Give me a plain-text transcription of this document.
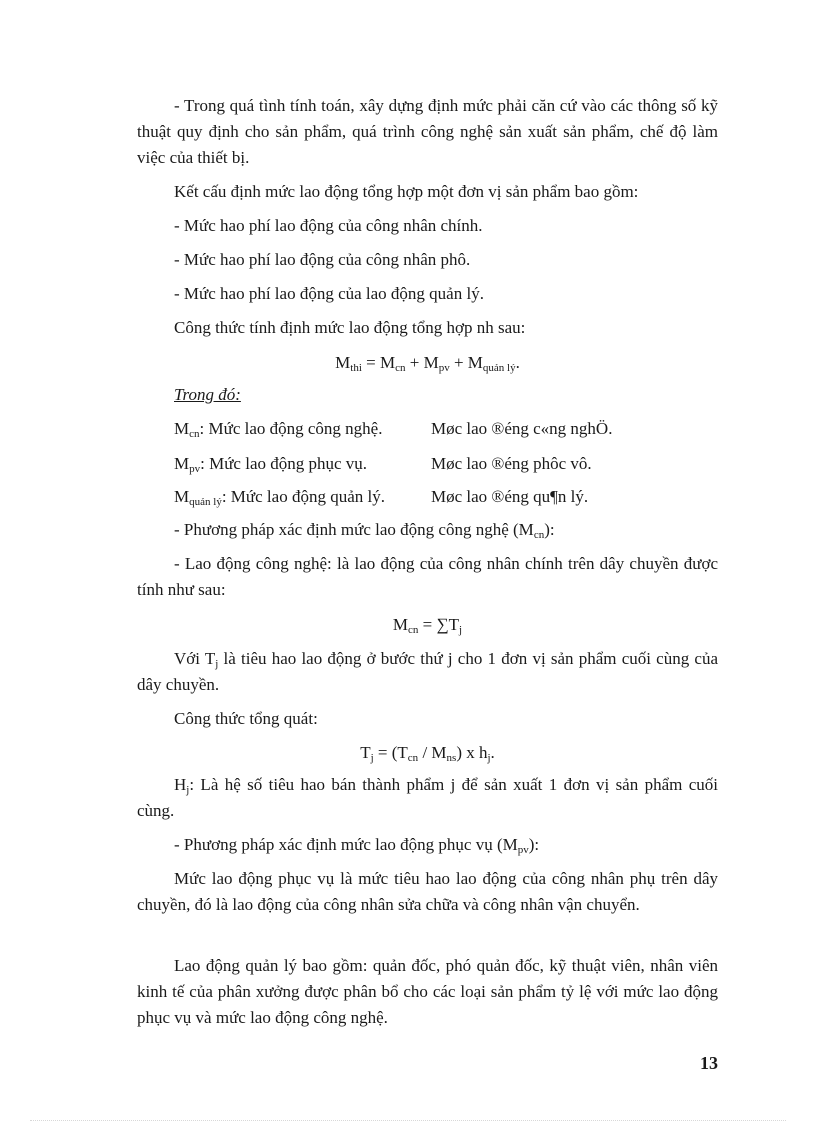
- Trong quá tình tính toán, xây dựng định mức phải căn cứ vào các thông số kỹ thuật quy định cho sản phẩm, quá trình công nghệ sản xuất sản phẩm, chế độ làm việc của thiết bị.

Kết cấu định mức lao động tổng hợp một đơn vị sản phẩm bao gồm:
- Mức hao phí lao động của công nhân chính.
- Mức hao phí lao động của công nhân phô.
- Mức hao phí lao động của lao động quản lý.
Công thức tính định mức lao động tổng hợp nh sau:
$M_{thi} = M_{cn} + M_{pv} + M_{quản lý}$.
Trong đó:
$M_{cn}$: Mức lao động công nghệ.	Møc lao ®éng c«ng nghÖ.
$M_{pv}$: Mức lao động phục vụ.	Møc lao ®éng phôc vô.
$M_{quản lý}$: Mức lao động quản lý.	Møc lao ®éng qu¶n lý.
- Phương pháp xác định mức lao động công nghệ $(M_{cn})$:

- Lao động công nghệ: là lao động của công nhân chính trên dây chuyền được tính như sau:

$M_{cn} = \sum T_j$

Với $T_j$ là tiêu hao lao động ở bước thứ j cho 1 đơn vị sản phẩm cuối cùng của dây chuyền.

Công thức tổng quát:
$T_j = (T_{cn} / M_{ns})$ x $h_j$.

$H_j$: Là hệ số tiêu hao bán thành phẩm j để sản xuất 1 đơn vị sản phẩm cuối cùng.

- Phương pháp xác định mức lao động phục vụ $(M_{pv})$:

Mức lao động phục vụ là mức tiêu hao lao động của công nhân phụ trên dây chuyền, đó là lao động của công nhân sửa chữa và công nhân vận chuyển.

Lao động quản lý bao gồm: quản đốc, phó quản đốc, kỹ thuật viên, nhân viên kinh tế của phân xưởng được phân bổ cho các loại sản phẩm tỷ lệ với mức lao động phục vụ và mức lao động công nghệ.

13
